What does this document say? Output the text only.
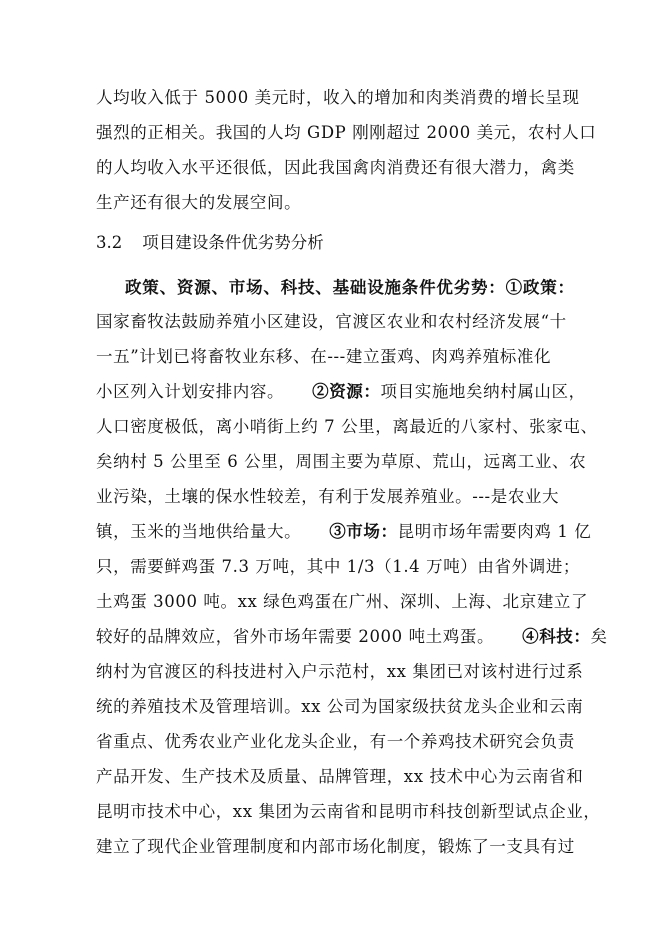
人均收入低于 5000 美元时，收入的增加和肉类消费的增长呈现
强烈的正相关。我国的人均 GDP 刚刚超过 2000 美元，农村人口
的人均收入水平还很低，因此我国禽肉消费还有很大潜力，禽类
生产还有很大的发展空间。
3.2 项目建设条件优劣势分析
政策、资源、市场、科技、基础设施条件优劣势：①政策：
国家畜牧法鼓励养殖小区建设，官渡区农业和农村经济发展“十
一五”计划已将畜牧业东移、在---建立蛋鸡、肉鸡养殖标准化
小区列入计划安排内容。 ②资源：项目实施地矣纳村属山区，
人口密度极低，离小哨街上约 7 公里，离最近的八家村、张家屯、
矣纳村 5 公里至 6 公里，周围主要为草原、荒山，远离工业、农
业污染，土壤的保水性较差，有利于发展养殖业。---是农业大
镇，玉米的当地供给量大。 ③市场：昆明市场年需要肉鸡 1 亿
只，需要鲜鸡蛋 7.3 万吨，其中 1/3（1.4 万吨）由省外调进；
土鸡蛋 3000 吨。xx 绿色鸡蛋在广州、深圳、上海、北京建立了
较好的品牌效应，省外市场年需要 2000 吨土鸡蛋。 ④科技：矣
纳村为官渡区的科技进村入户示范村，xx 集团已对该村进行过系
统的养殖技术及管理培训。xx 公司为国家级扶贫龙头企业和云南
省重点、优秀农业产业化龙头企业，有一个养鸡技术研究会负责
产品开发、生产技术及质量、品牌管理，xx 技术中心为云南省和
昆明市技术中心，xx 集团为云南省和昆明市科技创新型试点企业，
建立了现代企业管理制度和内部市场化制度，锻炼了一支具有过
